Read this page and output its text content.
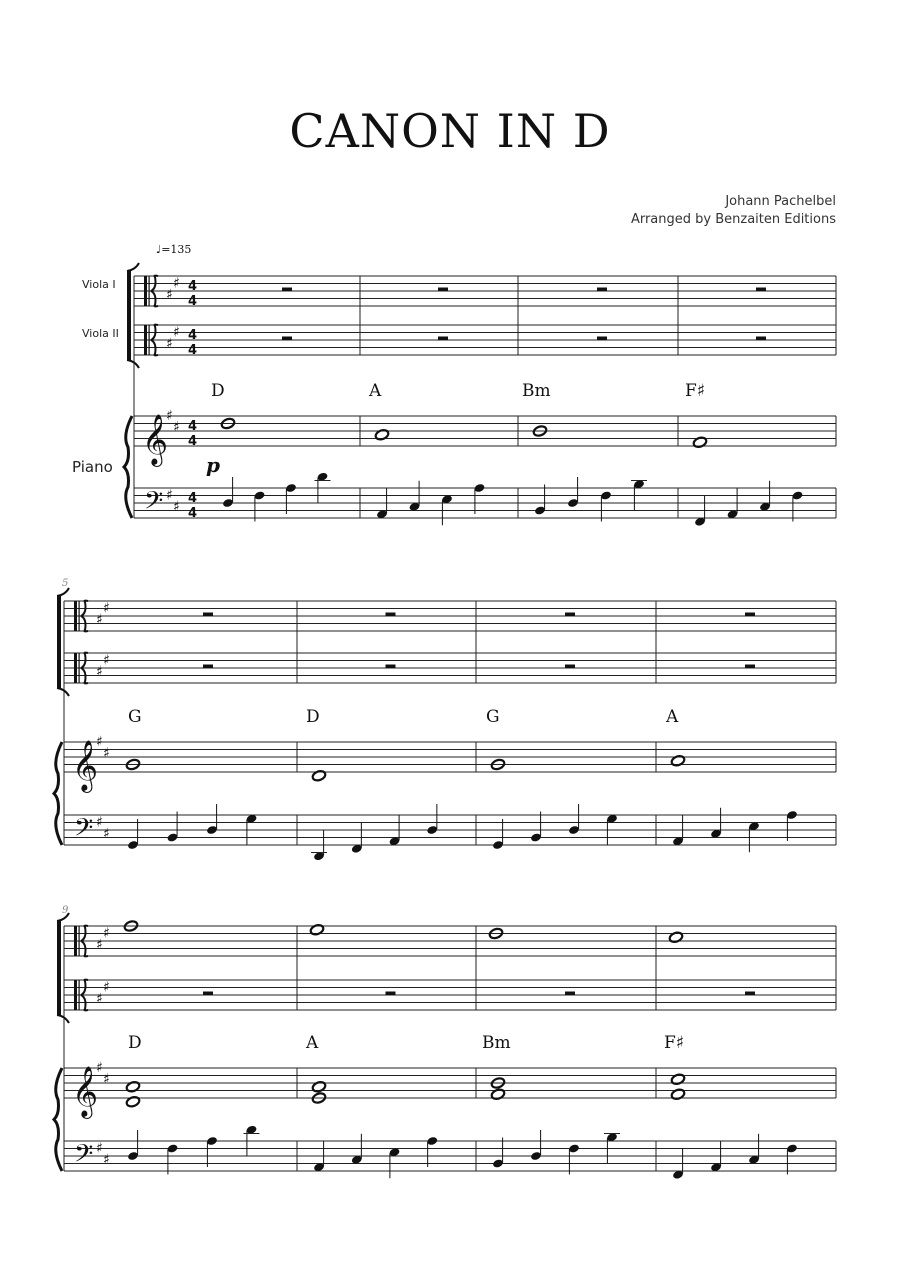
CANON IN D
Johann Pachelbel
Arranged by Benzaiten Editions
♩=135
Viola I
Viola II
Piano	p
5
9
D	A	Bm	F♯
G	D	G	A
D	A	Bm	F♯
𝄞
𝄢
♯
♯
♯
♯
♯
♯
♯
♯
4
4
4
4
4
4
4
4
𝄞
𝄢
♯
♯
♯
♯
♯
♯
♯
♯
𝄞
𝄢
♯
♯
♯
♯
♯
♯
♯
♯
